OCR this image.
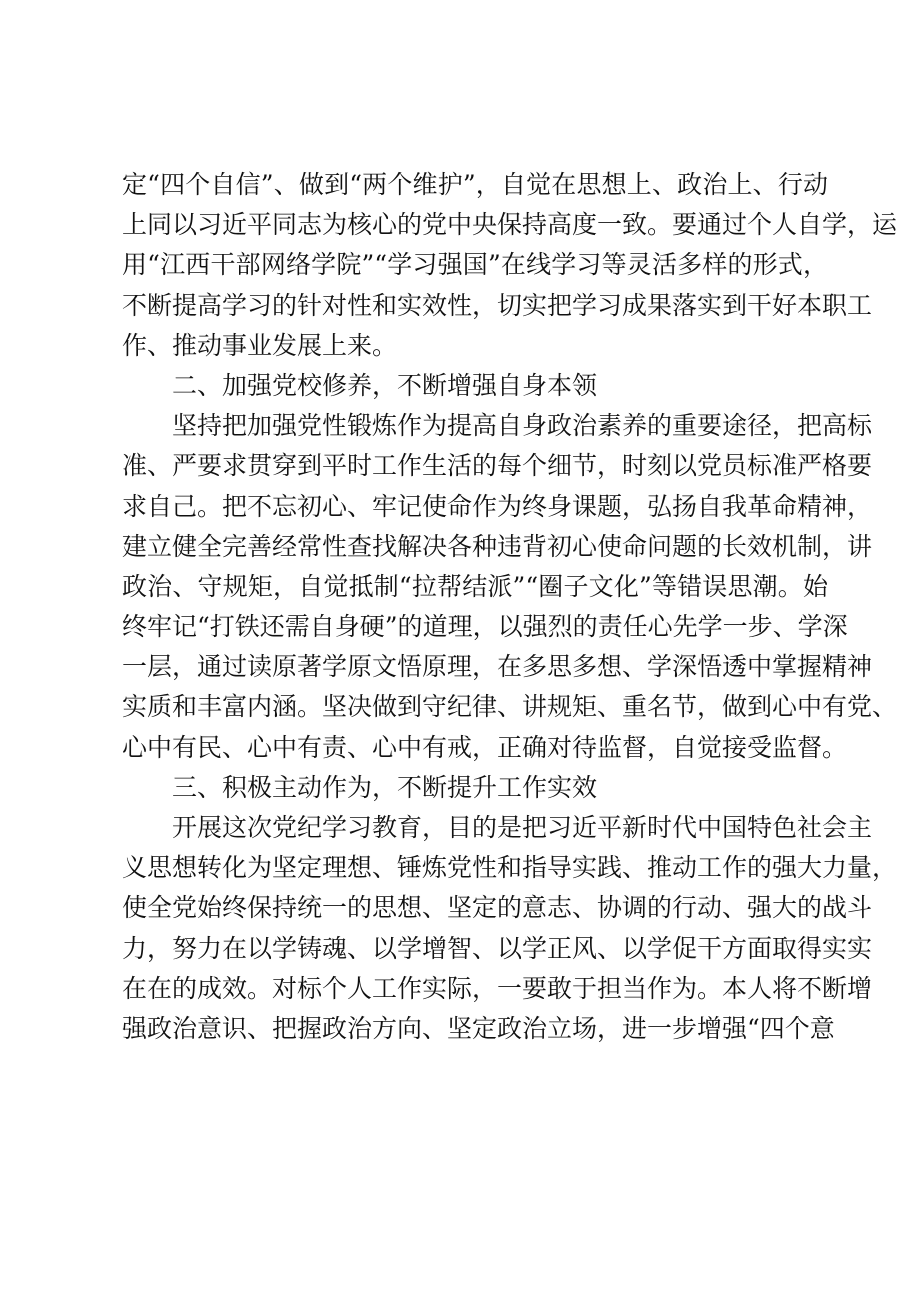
定“四个自信”、做到“两个维护”，自觉在思想上、政治上、行动
上同以习近平同志为核心的党中央保持高度一致。要通过个人自学，运
用“江西干部网络学院”“学习强国”在线学习等灵活多样的形式，
不断提高学习的针对性和实效性，切实把学习成果落实到干好本职工
作、推动事业发展上来。
二、加强党校修养，不断增强自身本领
坚持把加强党性锻炼作为提高自身政治素养的重要途径，把高标
准、严要求贯穿到平时工作生活的每个细节，时刻以党员标准严格要
求自己。把不忘初心、牢记使命作为终身课题，弘扬自我革命精神，
建立健全完善经常性查找解决各种违背初心使命问题的长效机制，讲
政治、守规矩，自觉抵制“拉帮结派”“圈子文化”等错误思潮。始
终牢记“打铁还需自身硬”的道理，以强烈的责任心先学一步、学深
一层，通过读原著学原文悟原理，在多思多想、学深悟透中掌握精神
实质和丰富内涵。坚决做到守纪律、讲规矩、重名节，做到心中有党、
心中有民、心中有责、心中有戒，正确对待监督，自觉接受监督。
三、积极主动作为，不断提升工作实效
开展这次党纪学习教育，目的是把习近平新时代中国特色社会主
义思想转化为坚定理想、锤炼党性和指导实践、推动工作的强大力量，
使全党始终保持统一的思想、坚定的意志、协调的行动、强大的战斗
力，努力在以学铸魂、以学增智、以学正风、以学促干方面取得实实
在在的成效。对标个人工作实际，一要敢于担当作为。本人将不断增
强政治意识、把握政治方向、坚定政治立场，进一步增强“四个意
